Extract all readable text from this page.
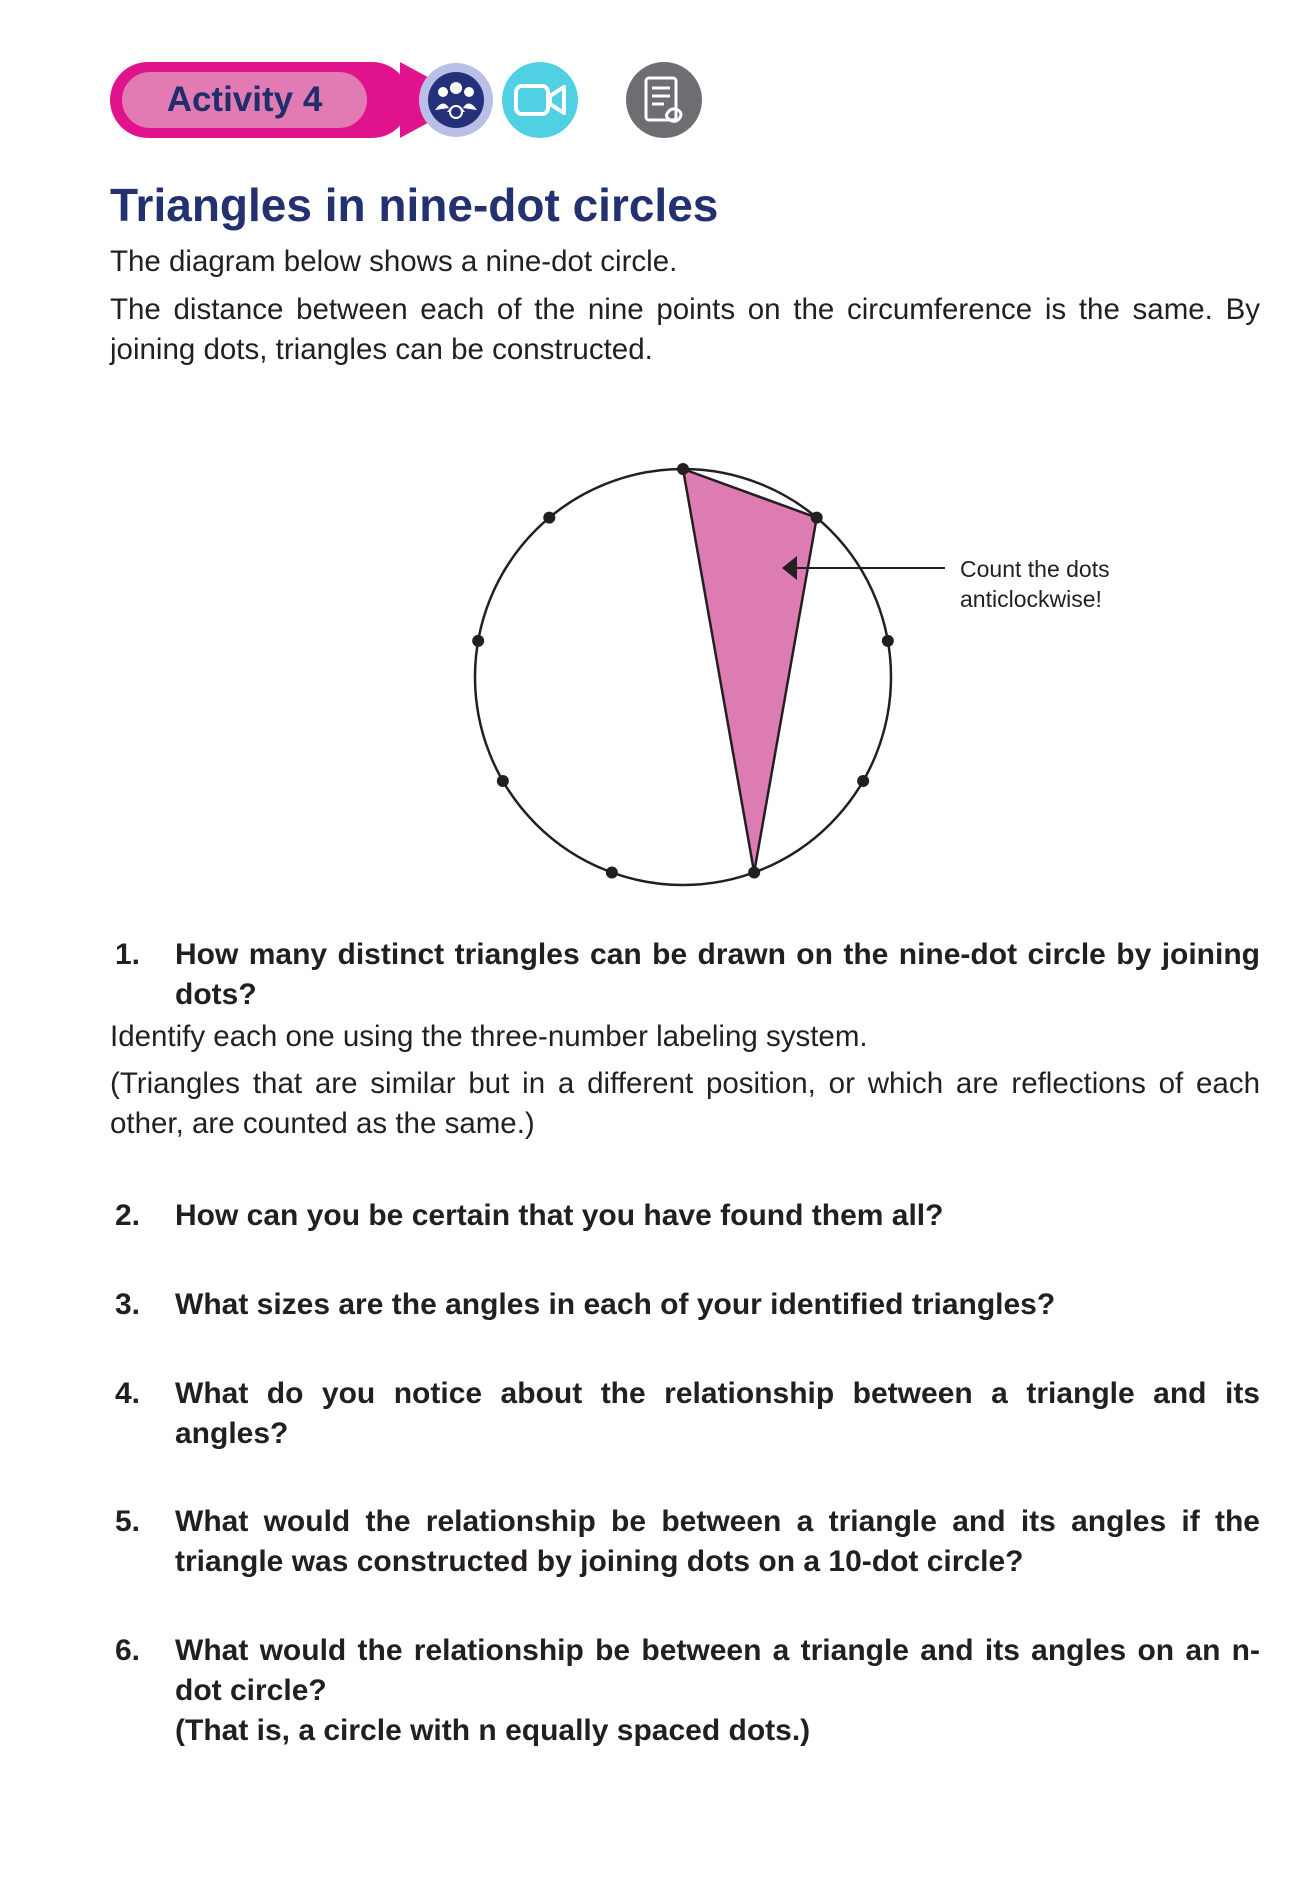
Activity 4
Triangles in nine-dot circles

The diagram below shows a nine-dot circle.

The distance between each of the nine points on the circumference is the same. By joining dots, triangles can be constructed.

Count the dots
anticlockwise!
1. How many distinct triangles can be drawn on the nine-dot circle by joining dots?

Identify each one using the three-number labeling system.

(Triangles that are similar but in a different position, or which are reflections of each other, are counted as the same.)

2. How can you be certain that you have found them all?
3. What sizes are the angles in each of your identified triangles?
4. What do you notice about the relationship between a triangle and its angles?
5. What would the relationship be between a triangle and its angles if the triangle was constructed by joining dots on a 10-dot circle?
6. What would the relationship be between a triangle and its angles on an n-dot circle?
(That is, a circle with n equally spaced dots.)
